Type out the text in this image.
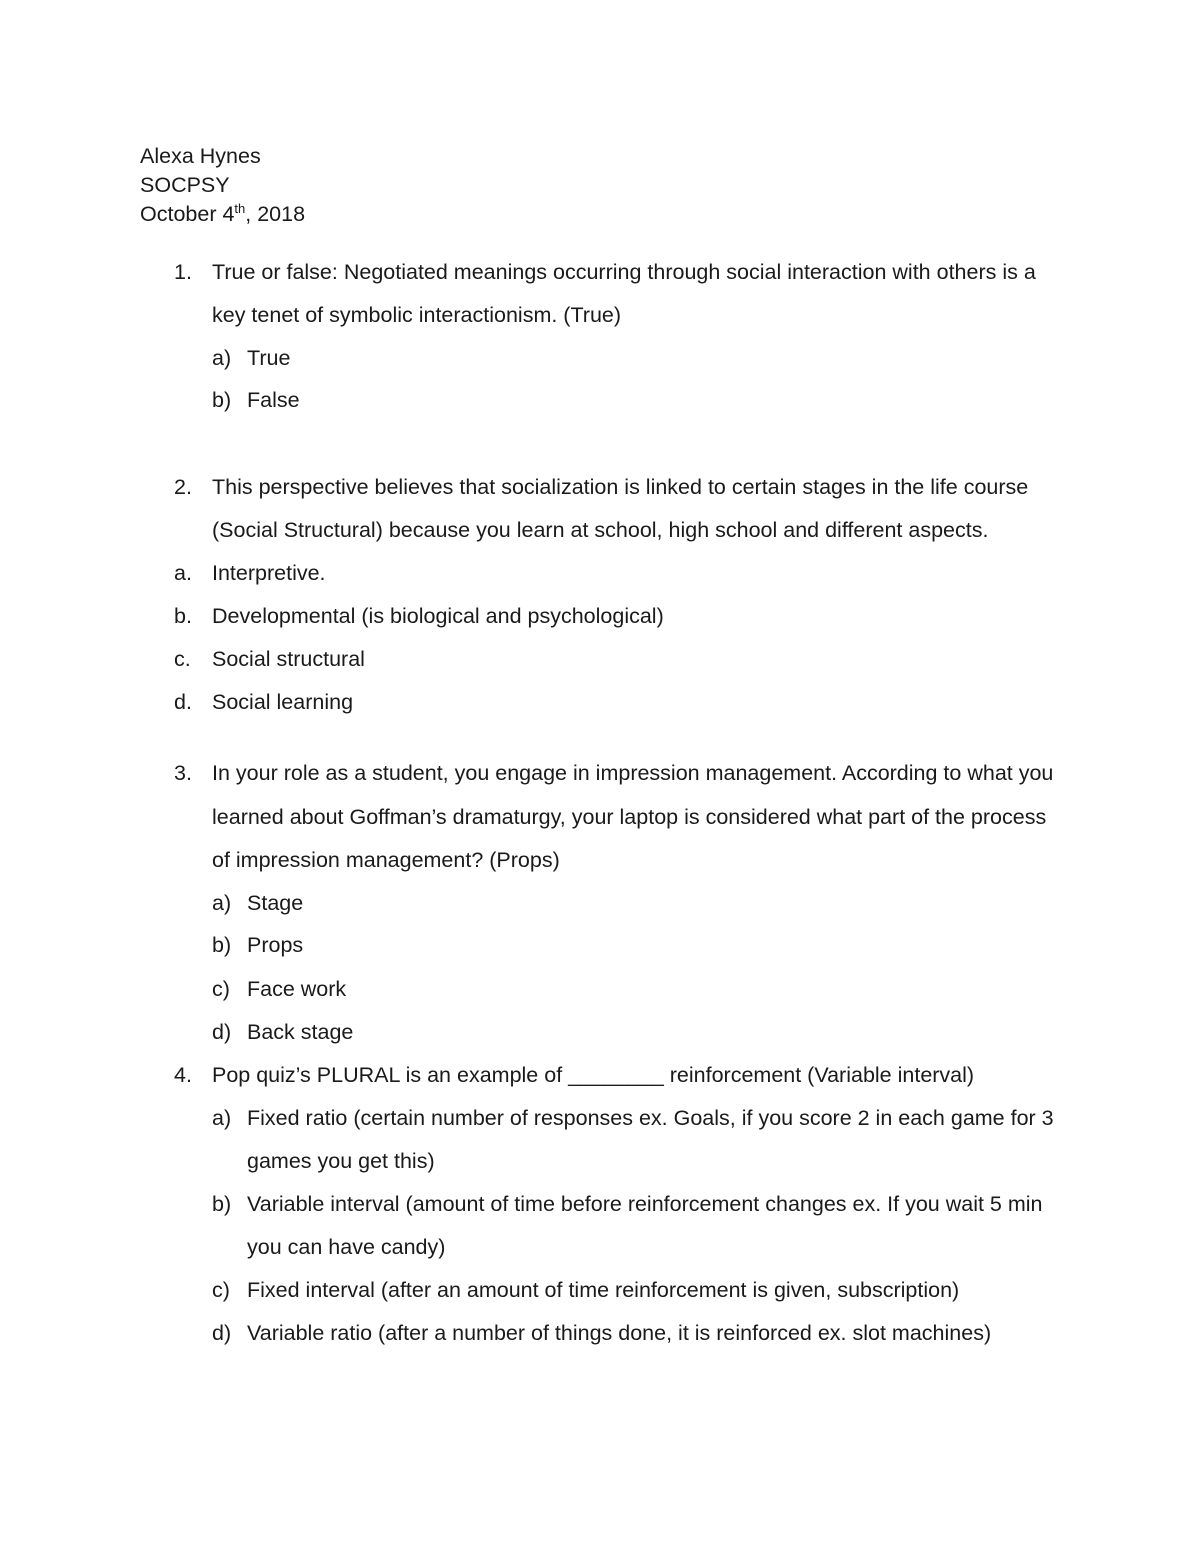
Alexa Hynes
SOCPSY
October 4th, 2018
1. True or false: Negotiated meanings occurring through social interaction with others is a
key tenet of symbolic interactionism. (True)
a) True
b) False
2. This perspective believes that socialization is linked to certain stages in the life course
(Social Structural) because you learn at school, high school and different aspects.
a. Interpretive.
b. Developmental (is biological and psychological)
c. Social structural
d. Social learning
3. In your role as a student, you engage in impression management. According to what you
learned about Goffman’s dramaturgy, your laptop is considered what part of the process
of impression management? (Props)
a) Stage
b) Props
c) Face work
d) Back stage
4. Pop quiz’s PLURAL is an example of ________ reinforcement (Variable interval)
a) Fixed ratio (certain number of responses ex. Goals, if you score 2 in each game for 3
games you get this)
b) Variable interval (amount of time before reinforcement changes ex. If you wait 5 min
you can have candy)
c) Fixed interval (after an amount of time reinforcement is given, subscription)
d) Variable ratio (after a number of things done, it is reinforced ex. slot machines)
